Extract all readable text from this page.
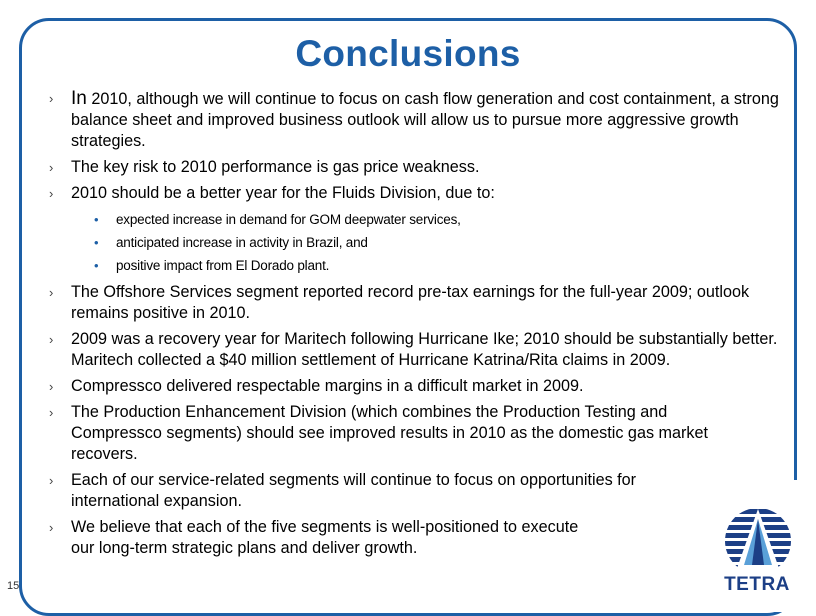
Conclusions
› In 2010, although we will continue to focus on cash flow generation and cost containment, a strong balance sheet and improved business outlook will allow us to pursue more aggressive growth strategies.
› The key risk to 2010 performance is gas price weakness.
› 2010 should be a better year for the Fluids Division, due to:
• expected increase in demand for GOM deepwater services,
• anticipated increase in activity in Brazil, and
• positive impact from El Dorado plant.
› The Offshore Services segment reported record pre-tax earnings for the full-year 2009; outlook remains positive in 2010.
› 2009 was a recovery year for Maritech following Hurricane Ike; 2010 should be substantially better. Maritech collected a $40 million settlement of Hurricane Katrina/Rita claims in 2009.
› Compressco delivered respectable margins in a difficult market in 2009.
› The Production Enhancement Division (which combines the Production Testing and Compressco segments) should see improved results in 2010 as the domestic gas market recovers.
› Each of our service-related segments will continue to focus on opportunities for international expansion.
› We believe that each of the five segments is well-positioned to execute
our long-term strategic plans and deliver growth.
15	TETRA
